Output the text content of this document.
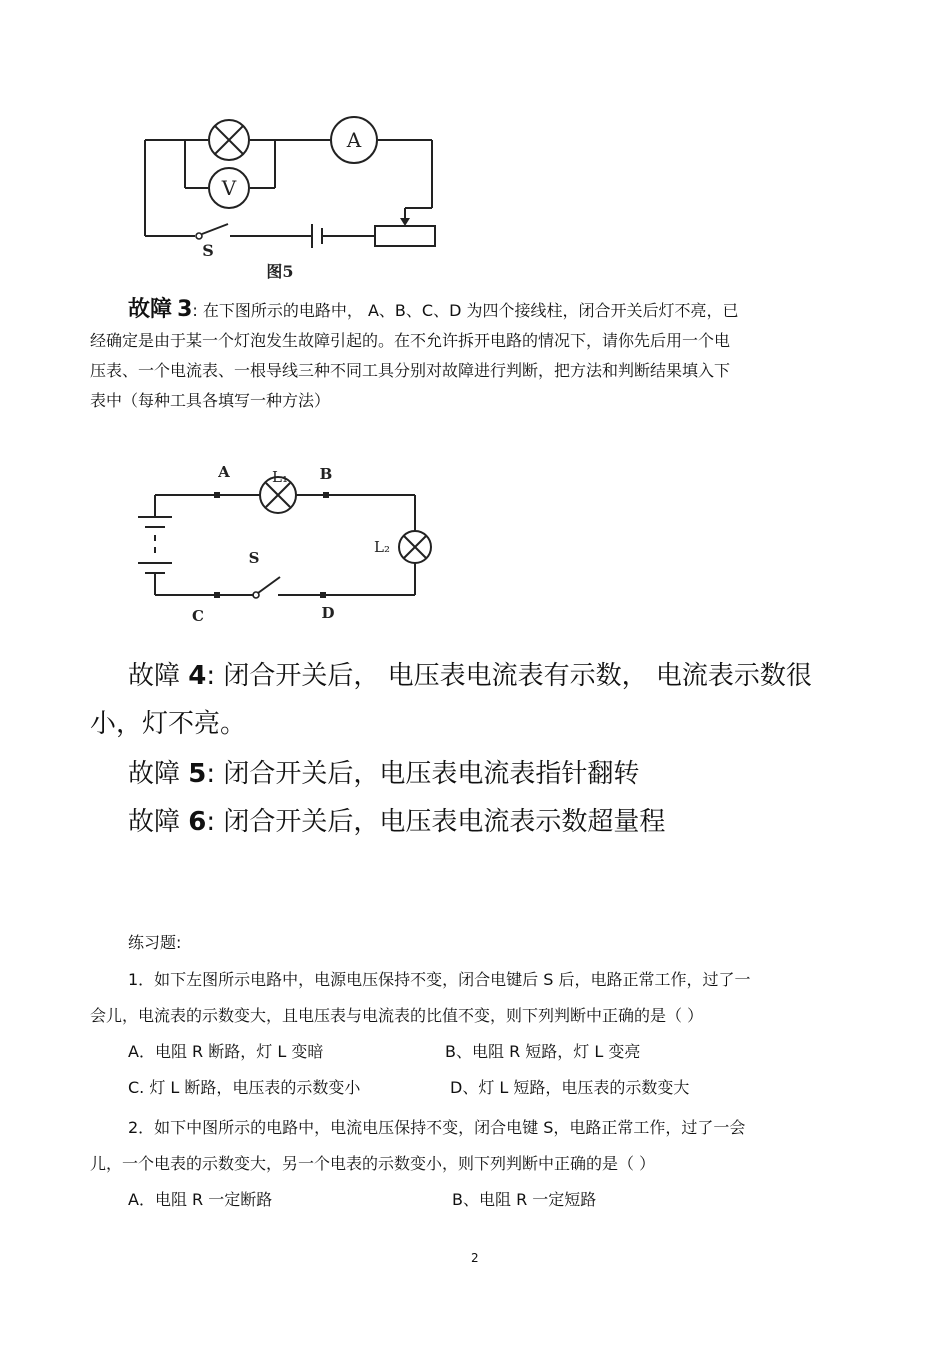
A
V
S
图5
故障 3: 在下图所示的电路中， A、B、C、D 为四个接线柱，闭合开关后灯不亮，已
经确定是由于某一个灯泡发生故障引起的。在不允许拆开电路的情况下，请你先后用一个电
压表、一个电流表、一根导线三种不同工具分别对故障进行判断，把方法和判断结果填入下
表中（每种工具各填写一种方法）
A	B
C	D
L₁
L₂
S
故障 4: 闭合开关后， 电压表电流表有示数， 电流表示数很
小，灯不亮。
故障 5: 闭合开关后，电压表电流表指针翻转
故障 6: 闭合开关后，电压表电流表示数超量程
练习题:
1．如下左图所示电路中，电源电压保持不变，闭合电键后 S 后，电路正常工作，过了一
会儿，电流表的示数变大，且电压表与电流表的比值不变，则下列判断中正确的是（ ）
A．电阻 R 断路，灯 L 变暗	B、电阻 R 短路，灯 L 变亮
C. 灯 L 断路，电压表的示数变小	D、灯 L 短路，电压表的示数变大
2．如下中图所示的电路中，电流电压保持不变，闭合电键 S，电路正常工作，过了一会
儿，一个电表的示数变大，另一个电表的示数变小，则下列判断中正确的是（ ）
A．电阻 R 一定断路	B、电阻 R 一定短路
2
